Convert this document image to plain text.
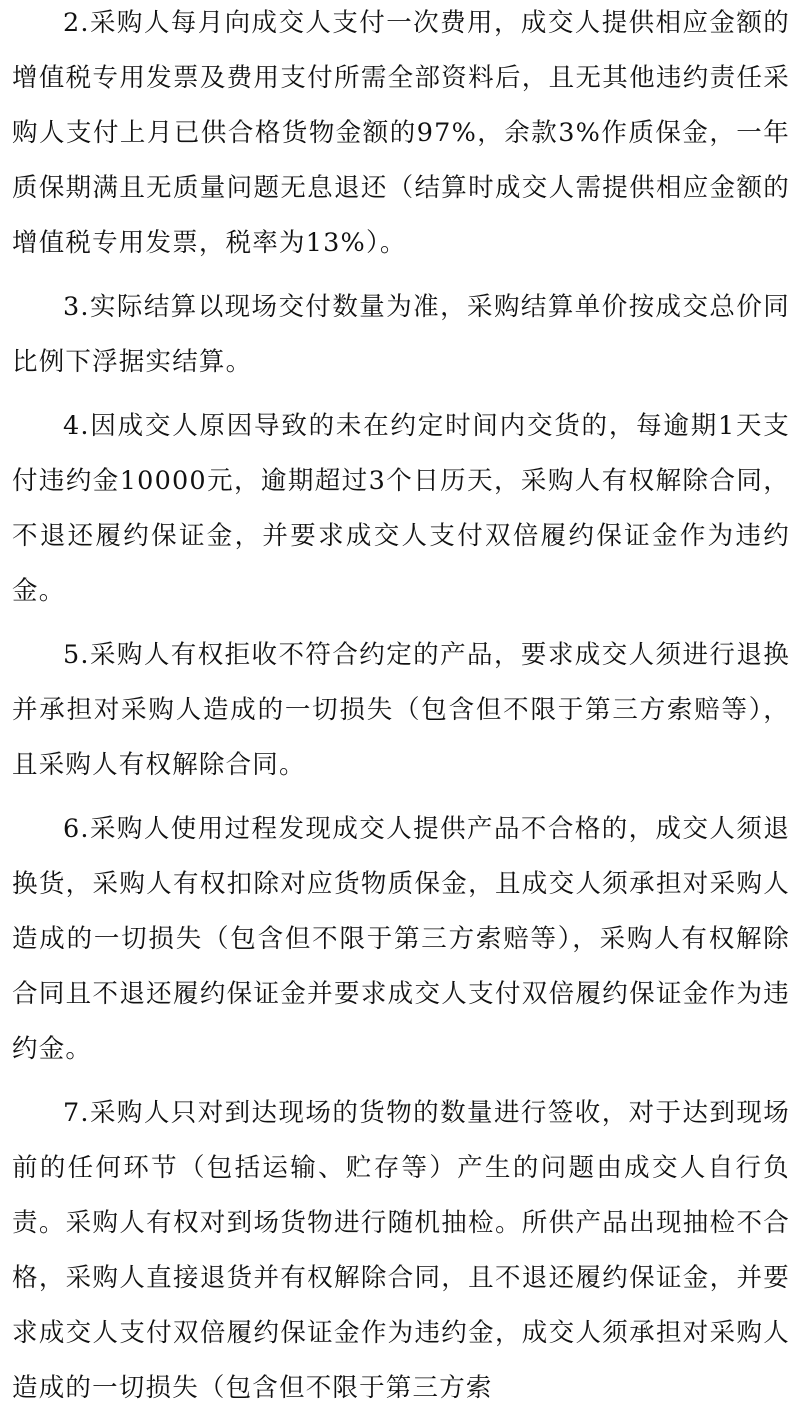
2.采购人每月向成交人支付一次费用，成交人提供相应金额的增值税专用发票及费用支付所需全部资料后，且无其他违约责任采购人支付上月已供合格货物金额的97%，余款3%作质保金，一年质保期满且无质量问题无息退还（结算时成交人需提供相应金额的增值税专用发票，税率为13%）。

3.实际结算以现场交付数量为准，采购结算单价按成交总价同比例下浮据实结算。

4.因成交人原因导致的未在约定时间内交货的，每逾期1天支付违约金10000元，逾期超过3个日历天，采购人有权解除合同，不退还履约保证金，并要求成交人支付双倍履约保证金作为违约金。

5.采购人有权拒收不符合约定的产品，要求成交人须进行退换并承担对采购人造成的一切损失（包含但不限于第三方索赔等），且采购人有权解除合同。

6.采购人使用过程发现成交人提供产品不合格的，成交人须退换货，采购人有权扣除对应货物质保金，且成交人须承担对采购人造成的一切损失（包含但不限于第三方索赔等），采购人有权解除合同且不退还履约保证金并要求成交人支付双倍履约保证金作为违约金。

7.采购人只对到达现场的货物的数量进行签收，对于达到现场前的任何环节（包括运输、贮存等）产生的问题由成交人自行负责。采购人有权对到场货物进行随机抽检。所供产品出现抽检不合格，采购人直接退货并有权解除合同，且不退还履约保证金，并要求成交人支付双倍履约保证金作为违约金，成交人须承担对采购人造成的一切损失（包含但不限于第三方索
